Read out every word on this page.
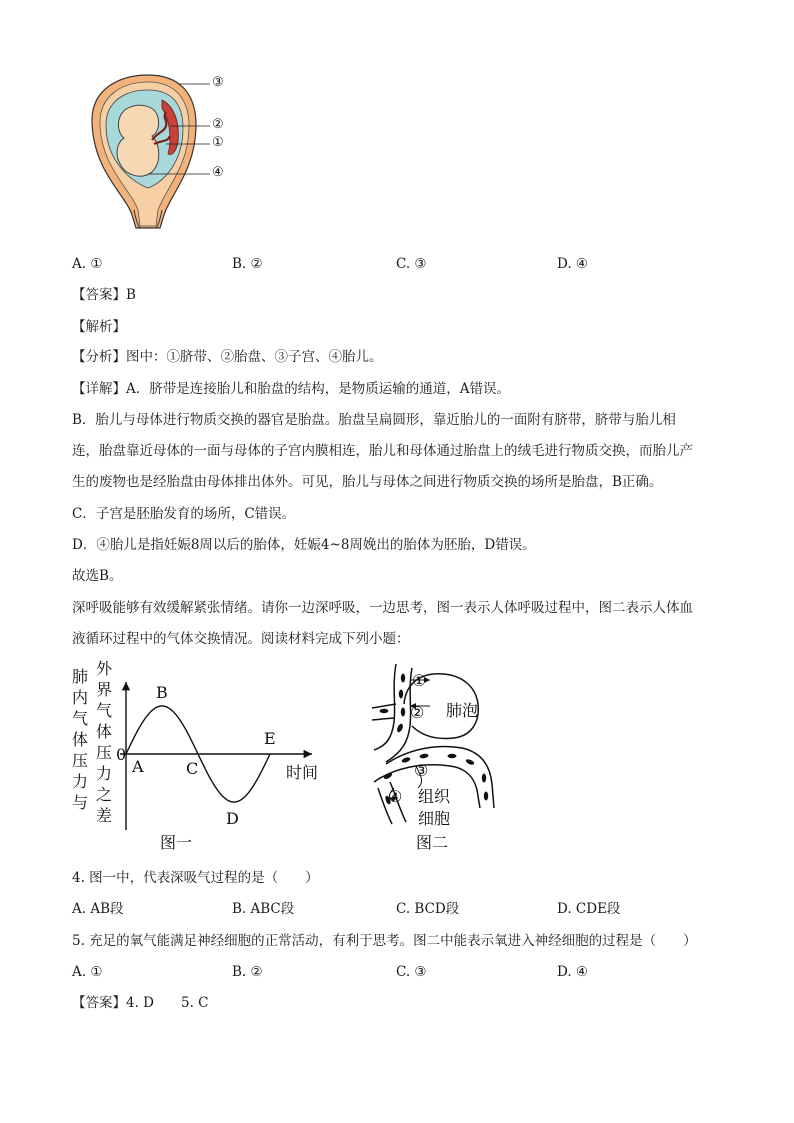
③
②
①
④
A. ①	B. ②	C. ③	D. ④
【答案】B
【解析】
【分析】图中：①脐带、②胎盘、③子宫、④胎儿。
【详解】A．脐带是连接胎儿和胎盘的结构，是物质运输的通道，A错误。
B．胎儿与母体进行物质交换的器官是胎盘。胎盘呈扁圆形，靠近胎儿的一面附有脐带，脐带与胎儿相
连，胎盘靠近母体的一面与母体的子宫内膜相连，胎儿和母体通过胎盘上的绒毛进行物质交换，而胎儿产
生的废物也是经胎盘由母体排出体外。可见，胎儿与母体之间进行物质交换的场所是胎盘，B正确。
C．子宫是胚胎发育的场所，C错误。
D．④胎儿是指妊娠8周以后的胎体，妊娠4~8周娩出的胎体为胚胎，D错误。
故选B。
深呼吸能够有效缓解紧张情绪。请你一边深呼吸，一边思考，图一表示人体呼吸过程中，图二表示人体血
液循环过程中的气体交换情况。阅读材料完成下列小题：
肺
内
气
体
压
力
与
外
界
气
体
压
力
之
差
A
B
C
D
E
0
时间
图一
①
②
③
④
肺泡
组织
细胞
图二
4. 图一中，代表深吸气过程的是（　　）
A. AB段	B. ABC段	C. BCD段	D. CDE段
5. 充足的氧气能满足神经细胞的正常活动，有利于思考。图二中能表示氧进入神经细胞的过程是（　　）
A. ①	B. ②	C. ③	D. ④
【答案】4. D　　5. C
